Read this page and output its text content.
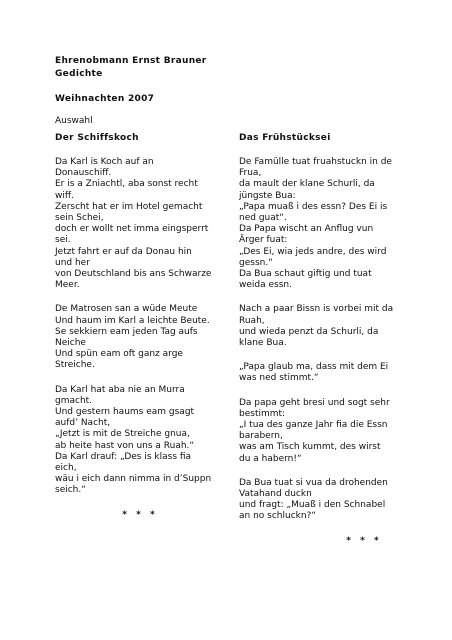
Ehrenobmann Ernst Brauner
Gedichte
Weihnachten 2007
Auswahl
Der Schiffskoch
Da Karl is Koch auf an
Donauschiff.
Er is a Zniachtl, aba sonst recht
wiff.
Zerscht hat er im Hotel gemacht
sein Schei,
doch er wollt net imma eingsperrt
sei.
Jetzt fahrt er auf da Donau hin
und her
von Deutschland bis ans Schwarze
Meer.
De Matrosen san a wüde Meute
Und haum im Karl a leichte Beute.
Se sekkiern eam jeden Tag aufs
Neiche
Und spün eam oft ganz arge
Streiche.
Da Karl hat aba nie an Murra
gmacht.
Und gestern haums eam gsagt
aufd’ Nacht,
„Jetzt is mit de Streiche gnua,
ab heite hast von uns a Ruah.“
Da Karl drauf: „Des is klass fia
eich,
wäu i eich dann nimma in d’Suppn
seich.“
* * *
Das Frühstücksei
De Famülle tuat fruahstuckn in de
Frua,
da mault der klane Schurli, da
jüngste Bua:
„Papa muaß i des essn? Des Ei is
ned guat“.
Da Papa wischt an Anflug vun
Ärger fuat:
„Des Ei, wia jeds andre, des wird
gessn.“
Da Bua schaut giftig und tuat
weida essn.
Nach a paar Bissn is vorbei mit da
Ruah,
und wieda penzt da Schurli, da
klane Bua.
„Papa glaub ma, dass mit dem Ei
was ned stimmt.“
Da papa geht bresi und sogt sehr
bestimmt:
„I tua des ganze Jahr fia die Essn
barabern,
was am Tisch kummt, des wirst
du a habern!“
Da Bua tuat si vua da drohenden
Vatahand duckn
und fragt: „Muaß i den Schnabel
an no schluckn?“
* * *
